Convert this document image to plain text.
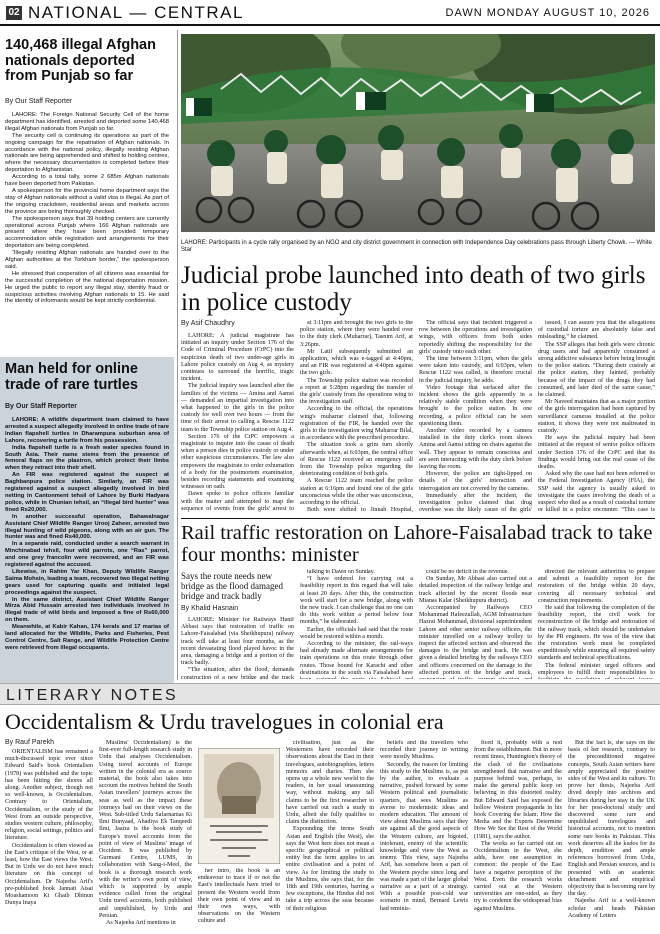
02 NATIONAL — CENTRAL	DAWN MONDAY AUGUST 10, 2026
140,468 illegal Afghan nationals deported from Punjab so far
By Our Staff Reporter

LAHORE: The Foreign National Security Cell of the home department has identified, arrested and deported some 140,468 illegal Afghan nationals from Punjab so far.

The security cell is continuing its operations as part of the ongoing campaign for the repatriation of Afghan nationals. In accordance with the national policy, illegally residing Afghan nationals are being apprehended and shifted to holding centres, where the necessary documentation is completed before their deportation to Afghanistan.

According to a total tally, some 2 685m Afghan nationals have been deported from Pakistan.

A spokesperson for the provincial home department says the stay of Afghan nationals without a valid visa is illegal. As part of the ongoing crackdown, residential areas and markets across the province are being thoroughly checked.

The spokesperson says that 39 holding centers are currently operational across Punjab where 166 Afghan nationals are present where they have been provided temporary accommodation while registration and arrangements for their deportation are being completed.

“Illegally residing Afghan nationals are handed over to the Afghan authorities at the Torkham border,” the spokesperson said.

He stressed that cooperation of all citizens was essential for the successful completion of the national deportation mission. He urged the public to report any illegal stay, identity fraud or suspicious activities involving Afghan nationals to 15. He said the identity of informants would be kept strictly confidential.

Man held for online trade of rare turtles
By Our Staff Reporter

LAHORE: A wildlife department team claimed to have arrested a suspect allegedly involved in online trade of rare Indian flapshell turtles in Dharampura suburban area of Lahore, recovering a turtle from his possession.

India flapshell turtle is a fresh water species found in South Asia. Their name stems from the presence of femoral flaps on the plastron, which protect their limbs when they retract into their shell.

An FIR was registered against the suspect at Baghbanpura police station. Similarly, an FIR was registered against a suspect allegedly involved in bird netting in Cantonment tehsil of Lahore by Burki Hadyara police, while in Chunian tehsil, an “illegal bird hunter” was fined Rs20,000.

In another successful operation, Bahawalnagar Assistant Chief Wildlife Ranger Urooj Zaheer, arrested two illegal hunting of wild pigeons, along with an air gun. The hunter was and fined Rs40,000.

In a separate raid, conducted under a search warrant in Minchinabad tehsil, four wild parrots, one “Ras” parrot, and one grey francolin were recovered, and an FIR was registered against the accused.

Likewise, in Rahim Yar Khan, Deputy Wildlife Ranger Saima Mohsin, leading a team, recovered two illegal netting gears used for capturing quails and initiated legal proceedings against the suspect.

In the same district, Assistant Chief Wildlife Ranger Mirza Abid Hussain arrested two individuals involved in illegal trade of wild birds and imposed a fine of Rs60,000 on them.

Meanwhile, at Kabir Kahan, 174 kerals and 17 marias of land allocated for the Wildlife, Parks and Fisheries, Pest Control Centre, Salt Range, and Wildlife Protection Centre were retrieved from illegal occupants.

LAHORE: Participants in a cycle rally organised by an NGO and city district government in connection with Independence Day celebrations pass through Liberty Chowk. — White Star
Judicial probe launched into death of two girls in police custody
By Asif Chaudhry

LAHORE: A judicial magistrate has initiated an inquiry under Section 176 of the Code of Criminal Procedure (CrPC) into the suspicious death of two under-age girls in Lahore police custody on Aug 4, as mystery continues to surround the horrific, tragic incident.

The judicial inquiry was launched after the families of the victims — Amina and Aamsi — demanded an impartial investigation into what happened to the girls in the police custody for well over two hours — from the time of their arrest to calling a Rescue 1122 team to the Township police station on Aug 4.

Section 176 of the CrPC empowers a magistrate to inquire into the cause of death when a person dies in police custody or under other suspicious circumstances. The law also empowers the magistrate to order exhumation of a body for the postmortem examination, besides recording statements and examining witnesses on oath.

Dawn spoke to police officers familiar with the matter and attempted to map the sequence of events from the girls' arrest to

at 3:11pm and brought the two girls to the police station, where they were handed over to the duty clerk (Muharrar), Tasnim Arif, at 3:26pm.

Mr Latif subsequently submitted an application, which was e-tagged at 4:40pm, and an FIR was registered at 4:40pm against the two girls.

The Township police station was recorded a report at 5:28pm regarding the transfer of the girls' custody from the operations wing to the investigation staff.

According to the official, the operations wing's muharrar claimed that, following registration of the FIR, he handed over the girls to the investigation wing Muharrar Bilal, in accordance with the prescribed procedure.

The situation took a grim turn shortly afterwards when, at 6:03pm, the central office of Rescue 1122 received an emergency call from the Township police regarding the deteriorating condition of both girls.

A Rescue 1122 team reached the police station at 6:16pm and found one of the girls unconscious while the other was unconscious, according to the official.

Both were shifted to Jinnah Hospital,

The official says that incident triggered a row between the operations and investigation wings, with officers from both sides reportedly shifting the responsibility for the girls' custody onto each other.

The time between 3:11pm, when the girls were taken into custody, and 6:03pm, when Rescue 1122 was called, is therefore crucial in the judicial inquiry, he adds.

Video footage that surfaced after the incident shows the girls apparently in a relatively stable condition when they were brought to the police station. In one recording, a police official can be seen questioning them.

Another video recorded by a camera installed in the duty clerk's room shows Amina and Aamsi sitting on chairs against the wall. They appear to remain conscious and are seen interacting with the duty clerk before leaving the room.

However, the police are tight-lipped on details of the girls' interaction and interrogation are not covered by the cameras.

Immediately after the incident, the investigation police claimed that drug overdose was the likely cause of the girls'

issued, I can assure you that the allegations of custodial torture are absolutely false and misleading,” he claimed.

The SSP alleges that both girls were chronic drug users and had apparently consumed a strong addictive substance before being brought to the police station. “During their custody at the police station, they fainted, probably because of the impact of the drugs they had consumed, and later died of the same cause,” he claimed.

Mr Naveed maintains that as a major portion of the girls interrogation had been captured by surveillance cameras installed at the police station, it shows they were not maltreated in custody.

He says the judicial inquiry had been initiated at the request of senior police officers under Section 176 of the CrPC and that its findings would bring out the real cause of the deaths.

Asked why the case had not been referred to the Federal Investigation Agency (FIA), the SSP said the agency is usually asked to investigate the cases involving the death of a suspect who died as a result of custodial torture or killed in a police encounter. “This case is

Rail traffic restoration on Lahore-Faisalabad track to take four months: minister
Says the route needs new bridge as the flood damaged bridge and track badly
By Khalid Hasnain

LAHORE: Minister for Railways Hanif Abbasi says that restoration of traffic on Lahore-Faisalabad (via Sheikhupura) railway track will take at least four months, as the recent devastating flood played havoc in the area, damaging a bridge and a portion of the track badly.

“The situation, after the flood, demands construction of a new bridge and the track

talking to Dawn on Sunday.

“I have ordered for carrying out a feasibility report in this regard that will take at least 20 days. After this, the construction work will start for a new bridge, along with the new track. I can challenge that no one can do this work within a period below four months,” he elaborated.

Earlier, the officials had said that the route would be restored within a month.

According to the minister, the rail-ways had already made alternate arrangements for train operations on this route through other routes. Those bound for Karachi and other destinations in the south via Faisalabad have

could be no deficit in the revenue.

On Sunday, Mr Abbasi also carried out a detailed inspection of the railway bridge and track affected by the recent floods near Mianas Kalar (Sheikhupura district).

Accompanied by Railways CEO Mohammad Hafeezullah, AGM Infrastructure Hazrat Mohammad, divisional superintendent Lahore and other senior railway officers, the minister travelled on a railway trolley to inspect the affected section and observed the damages to the bridge and track. He was given a detailed briefing by the railways CEO and officers concerned on the damage to the affected portion of the bridge and track,

directed the relevant authorities to prepare and submit a feasibility report for the restoration of the bridge within 20 days, covering all necessary technical and construction requirements.

He said that following the completion of the feasibility report, the civil work for reconstruction of the bridge and restoration of the railway track, which should be undertaken by the PR engineers. He was of the view that the restoration work must be completed expeditiously while ensuring all required safety standards and technical specifications.

The federal minister urged officers and employees to fulfill their responsibilities to

LITERARY NOTES
Occidentalism & Urdu travelogues in colonial era
By Rauf Parekh

ORIENTALISM has remained a much-discussed topic ever since Edward Said's book Orientalism (1978) was published and the topic has been hitting the shores all along. Another subject, though not so well-known, is Occidentalism. Contrary to Orientalism, Occidentalism, or the study of the West from an outside perspective, studies western culture, philosophy, religion, social settings, politics and literature.

Occidentalism is often viewed as the East's critique of the West, or at least, how the East views the West. But in Urdu we do not have much literature on this concept of Occidentalism. Dr Najeeba Arif's pre-published book Jannati Aisai Moashamoon Ki Ghaib Dhinun Dunya Inaya

Muslims' Occidentalism) is the first-ever full-length research study in Urdu that analyses Occidentalism. Using travel accounts of Europe written in the colonial era as source material, the book also takes into account the motives behind the South Asian travellers' journeys across the seas as well as the impact these journeys had on their views on the West. Sub-titled Urdu Safarnamas Ki Ilmi Bunyaad, Ahadiya Ek Tanqeedi Ilmi, Jaaiza is the book study of Europe's travel accounts from the point of view of Muslims' image of Occident. It was published by Gurmani Centre, LUMS, in collaboration with Sang-i-Meel, the book is a thorough research work with the writer's own point of view, which is supported by ample evidence culled from the original Urdu travel accounts, both published and unpublished, by Urdu and Persian.

As Najeeba Arif mentions in

her intro, the book is an endeavour to trace if or not the East's intellectuals have tried to present the Western world from their own point of view and in their own ways, with observations on the Western culture and

civilisation, just as the Westerners have recorded their observations about the East in their travelogues, autobiographies, letters memoirs and diaries. Then she opens up a whole new world to the readers, in her usual unassuming way, without making any tall claims to be the first researcher to have carried out such a study in Urdu, albeit she fully qualifies to claim the distinction.

Expounding the terms South Asian and English (the West), she says the West here does not mean a specific geographical or political entity but the term applies to an entire civilisation and a point of view. As for limiting the study to the Muslims, she says that, for the 18th and 19th centuries, barring a few exceptions, the Hindus did not take a trip across the seas because of their religious

beliefs and the travellers who recorded their journey in writing were mostly Muslims.

Secondly, the reason for limiting this study to the Muslims is, as put by the author, to evaluate a narrative, pushed forward by some Western political and journalistic quarters, that sees Muslims as averse to modernistic ideas and modern education. The amount of view about Muslims says that they are against all the good aspects of the Western culture, are bigoted, intolerant, enemy of the scientific knowledge and view the West as enemy. This view, says Najeeba Arif, has somehow been a part of the Western psyche since long and was made a part of the larger global narrative as a part of a strategy. With a possible post-cold war scenario in mind, Bernard Lewis had reminis-

ficed it, probably with a nod from the establishment. But in more recent times, Huntington's theory of the clash of the civilisations strengthened that narrative and the purpose behind was, perhaps, to make the general public keep on believing in this distorted reality. But Edward Said has exposed the hollow Western propaganda in his book Covering the Islam: How the Media and the Experts Determine How We See the Rest of the World (1981), says the author.

The works so far carried out on Occidentalism in the West, she adds, have one assumption in common: the people of the East have a negative perception of the West. Even the research works carried out at the Western universities are one-sided, as they try to condemn the widespread bias against Muslims.

But the fact is, she says on the basis of her research, contrary to the preconditioned negative concepts, South Asian writers have amply appreciated the positive sides of the West and its culture. To prove her thesis, Najeeba Arif dived deeply into archives and libraries during her stay in the UK for her post-doctoral study and discovered some rare and unpublished travelogues and historical accounts, not to mention some rare books in Pakistan. This work deserves all the kudos for its depth, erudition and ample references borrowed from Urdu, English and Persian sources, and is presented with an academic detachment and empirical objectivity that is becoming rare by the day.

Najeeba Arif is a well-known scholar and heads Pakistan Academy of Letters
